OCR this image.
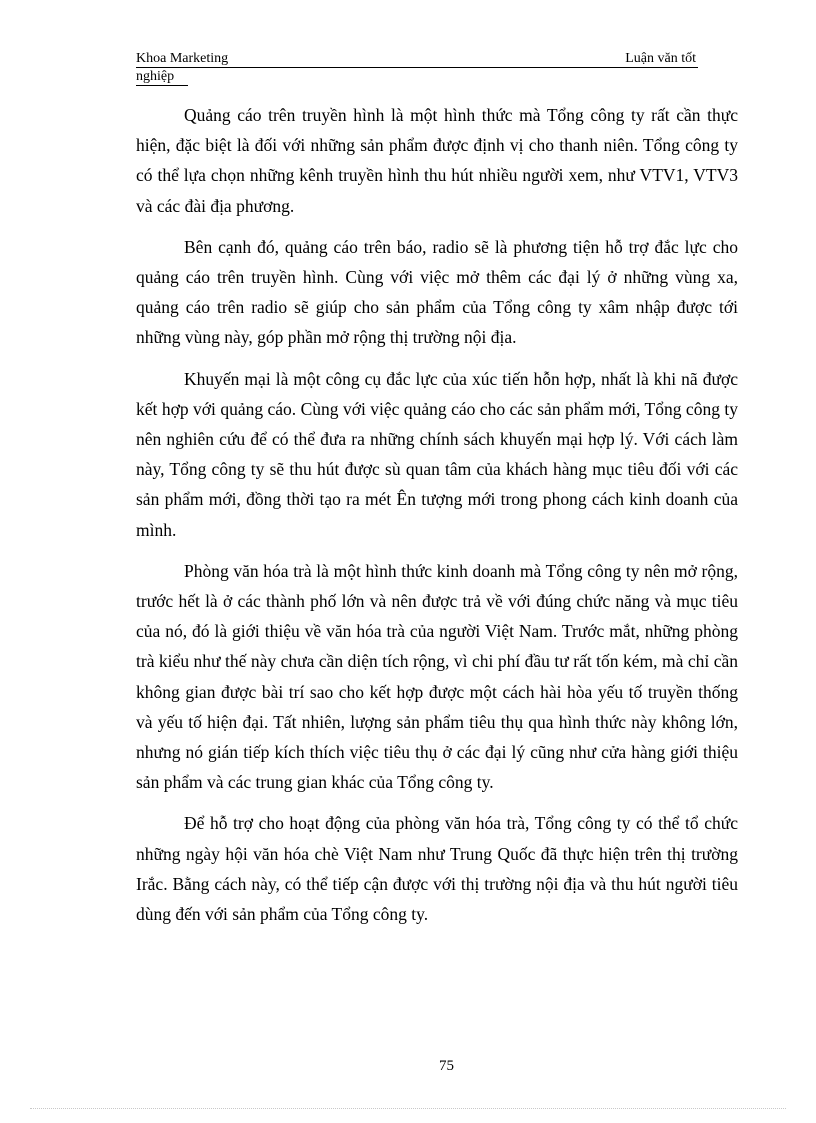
Khoa Marketing	Luận văn tốt
nghiệp

Quảng cáo trên truyền hình là một hình thức mà Tổng công ty rất cần thực hiện, đặc biệt là đối với những sản phẩm được định vị cho thanh niên. Tổng công ty có thể lựa chọn những kênh truyền hình thu hút nhiều người xem, như VTV1, VTV3 và các đài địa phương.

Bên cạnh đó, quảng cáo trên báo, radio sẽ là phương tiện hỗ trợ đắc lực cho quảng cáo trên truyền hình. Cùng với việc mở thêm các đại lý ở những vùng xa, quảng cáo trên radio sẽ giúp cho sản phẩm của Tổng công ty xâm nhập được tới những vùng này, góp phần mở rộng thị trường nội địa.

Khuyến mại là một công cụ đắc lực của xúc tiến hỗn hợp, nhất là khi nã được kết hợp với quảng cáo. Cùng với việc quảng cáo cho các sản phẩm mới, Tổng công ty nên nghiên cứu để có thể đưa ra những chính sách khuyến mại hợp lý. Với cách làm này, Tổng công ty sẽ thu hút được sù quan tâm của khách hàng mục tiêu đối với các sản phẩm mới, đồng thời tạo ra mét Ên tượng mới trong phong cách kinh doanh của mình.

Phòng văn hóa trà là một hình thức kinh doanh mà Tổng công ty nên mở rộng, trước hết là ở các thành phố lớn và nên được trả về với đúng chức năng và mục tiêu của nó, đó là giới thiệu về văn hóa trà của người Việt Nam. Trước mắt, những phòng trà kiểu như thế này chưa cần diện tích rộng, vì chi phí đầu tư rất tốn kém, mà chỉ cần không gian được bài trí sao cho kết hợp được một cách hài hòa yếu tố truyền thống và yếu tố hiện đại. Tất nhiên, lượng sản phẩm tiêu thụ qua hình thức này không lớn, nhưng nó gián tiếp kích thích việc tiêu thụ ở các đại lý cũng như cửa hàng giới thiệu sản phẩm và các trung gian khác của Tổng công ty.

Để hỗ trợ cho hoạt động của phòng văn hóa trà, Tổng công ty có thể tổ chức những ngày hội văn hóa chè Việt Nam như Trung Quốc đã thực hiện trên thị trường Irắc. Bằng cách này, có thể tiếp cận được với thị trường nội địa và thu hút người tiêu dùng đến với sản phẩm của Tổng công ty.

75
